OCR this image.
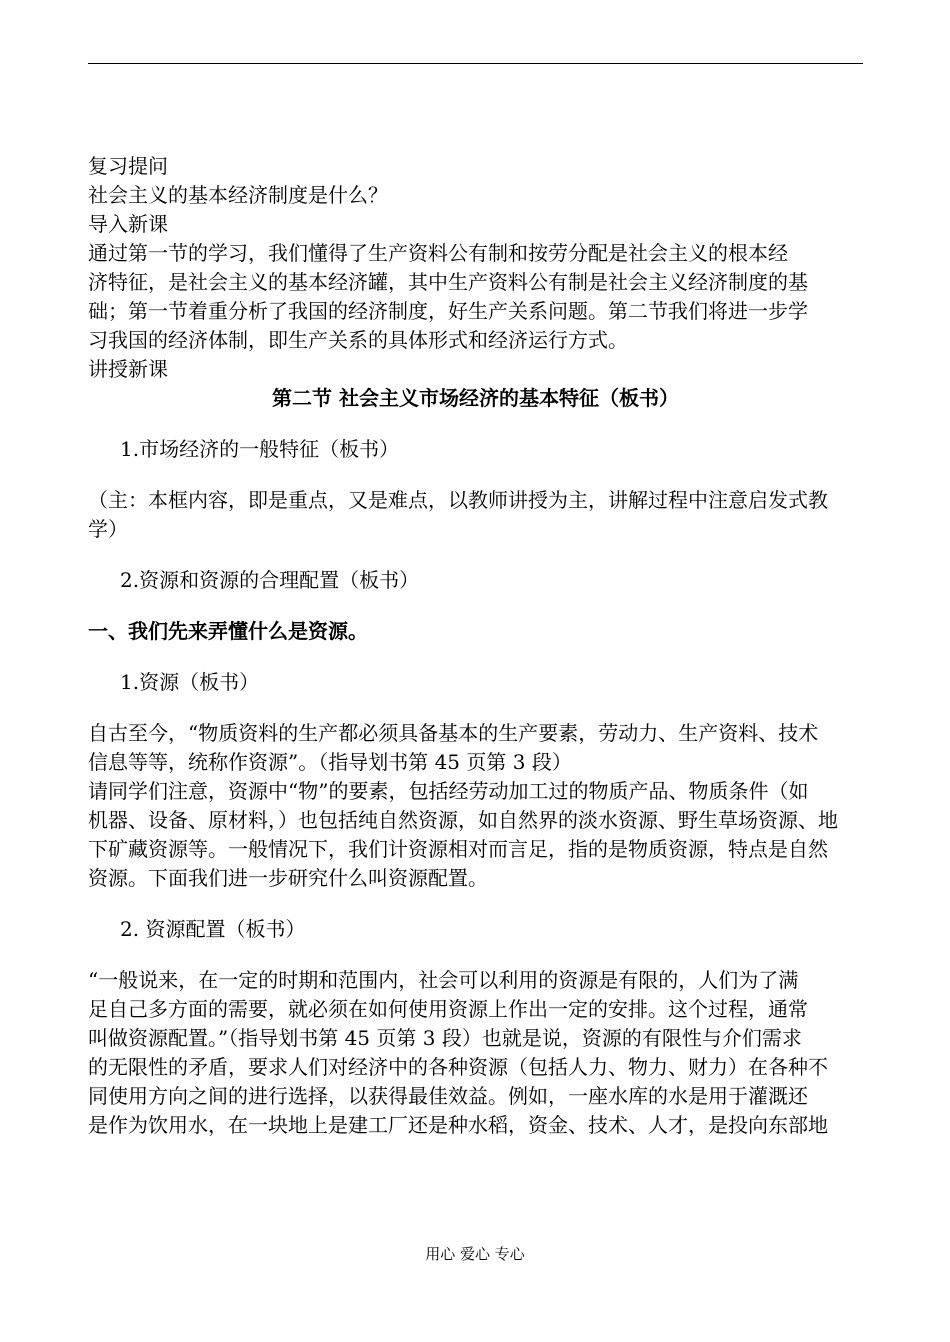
复习提问

社会主义的基本经济制度是什么？

导入新课

通过第一节的学习，我们懂得了生产资料公有制和按劳分配是社会主义的根本经

济特征，是社会主义的基本经济罐，其中生产资料公有制是社会主义经济制度的基

础；第一节着重分析了我国的经济制度，好生产关系问题。第二节我们将进一步学

习我国的经济体制，即生产关系的具体形式和经济运行方式。

讲授新课

第二节 社会主义市场经济的基本特征（板书）

1.市场经济的一般特征（板书）

（主：本框内容，即是重点，又是难点，以教师讲授为主，讲解过程中注意启发式教

学）

2.资源和资源的合理配置（板书）

一、我们先来弄懂什么是资源。

1.资源（板书）

自古至今，“物质资料的生产都必须具备基本的生产要素，劳动力、生产资料、技术

信息等等，统称作资源”。（指导划书第 45 页第 3 段）

请同学们注意，资源中“物”的要素，包括经劳动加工过的物质产品、物质条件（如

机器、设备、原材料，）也包括纯自然资源，如自然界的淡水资源、野生草场资源、地

下矿藏资源等。一般情况下，我们计资源相对而言足，指的是物质资源，特点是自然

资源。下面我们进一步研究什么叫资源配置。

2. 资源配置（板书）

“一般说来，在一定的时期和范围内，社会可以利用的资源是有限的，人们为了满

足自己多方面的需要，就必须在如何使用资源上作出一定的安排。这个过程，通常

叫做资源配置。”（指导划书第 45 页第 3 段）也就是说，资源的有限性与介们需求

的无限性的矛盾，要求人们对经济中的各种资源（包括人力、物力、财力）在各种不

同使用方向之间的进行选择，以获得最佳效益。例如，一座水库的水是用于灌溉还

是作为饮用水，在一块地上是建工厂还是种水稻，资金、技术、人才，是投向东部地

用心 爱心 专心
